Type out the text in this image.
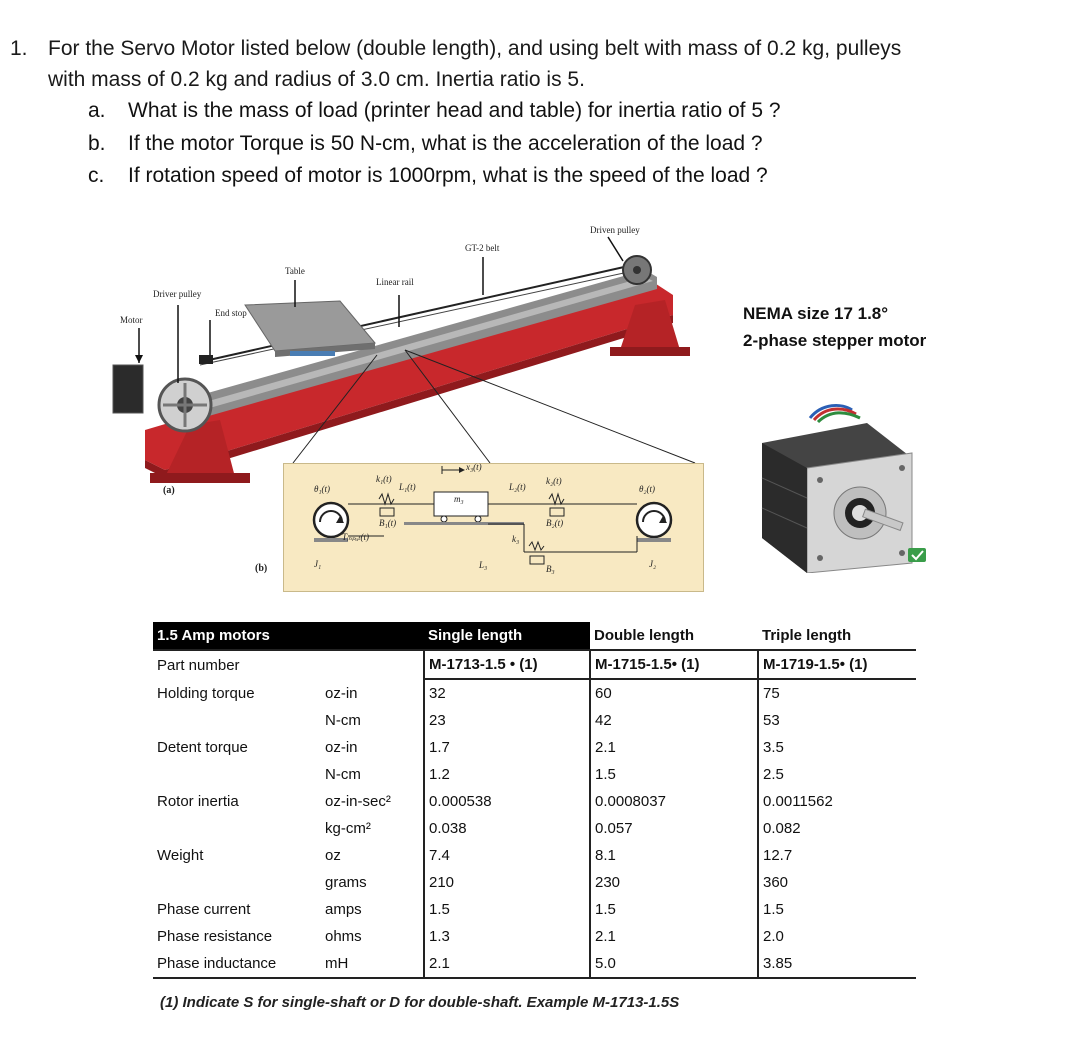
1. For the Servo Motor listed below (double length), and using belt with mass of 0.2 kg, pulleys
with mass of 0.2 kg and radius of 3.0 cm. Inertia ratio is 5.
a. What is the mass of load (printer head and table) for inertia ratio of 5 ?
b. If the motor Torque is 50 N-cm, what is the acceleration of the load ?
c. If rotation speed of motor is 1000rpm, what is the speed of the load ?
GT-2 belt
Driven pulley
Table
Linear rail
Driver pulley
End stop
Motor
(a)
(b)
x₃(t)
θ₁(t)
k₁(t)
L₁(t)
B₁(t)
m₃
L₂(t)
k₂(t)
B₂(t)
θ₂(t)
Tᵢₙₚᵤₜ(t)
J₁	L₃
k₃
B₃	J₂
NEMA size 17 1.8°
2-phase stepper motor
1.5 Amp motors		Single length	Double length	Triple length
Part number		M-1713-1.5 • (1)	M-1715-1.5• (1)	M-1719-1.5• (1)
Holding torque	oz-in	32	60	75
	N-cm	23	42	53
Detent torque	oz-in	1.7	2.1	3.5
	N-cm	1.2	1.5	2.5
Rotor inertia	oz-in-sec²	0.000538	0.0008037	0.0011562
	kg-cm²	0.038	0.057	0.082
Weight	oz	7.4	8.1	12.7
	grams	210	230	360
Phase current	amps	1.5	1.5	1.5
Phase resistance	ohms	1.3	2.1	2.0
Phase inductance	mH	2.1	5.0	3.85
(1) Indicate S for single-shaft or D for double-shaft. Example M-1713-1.5S
